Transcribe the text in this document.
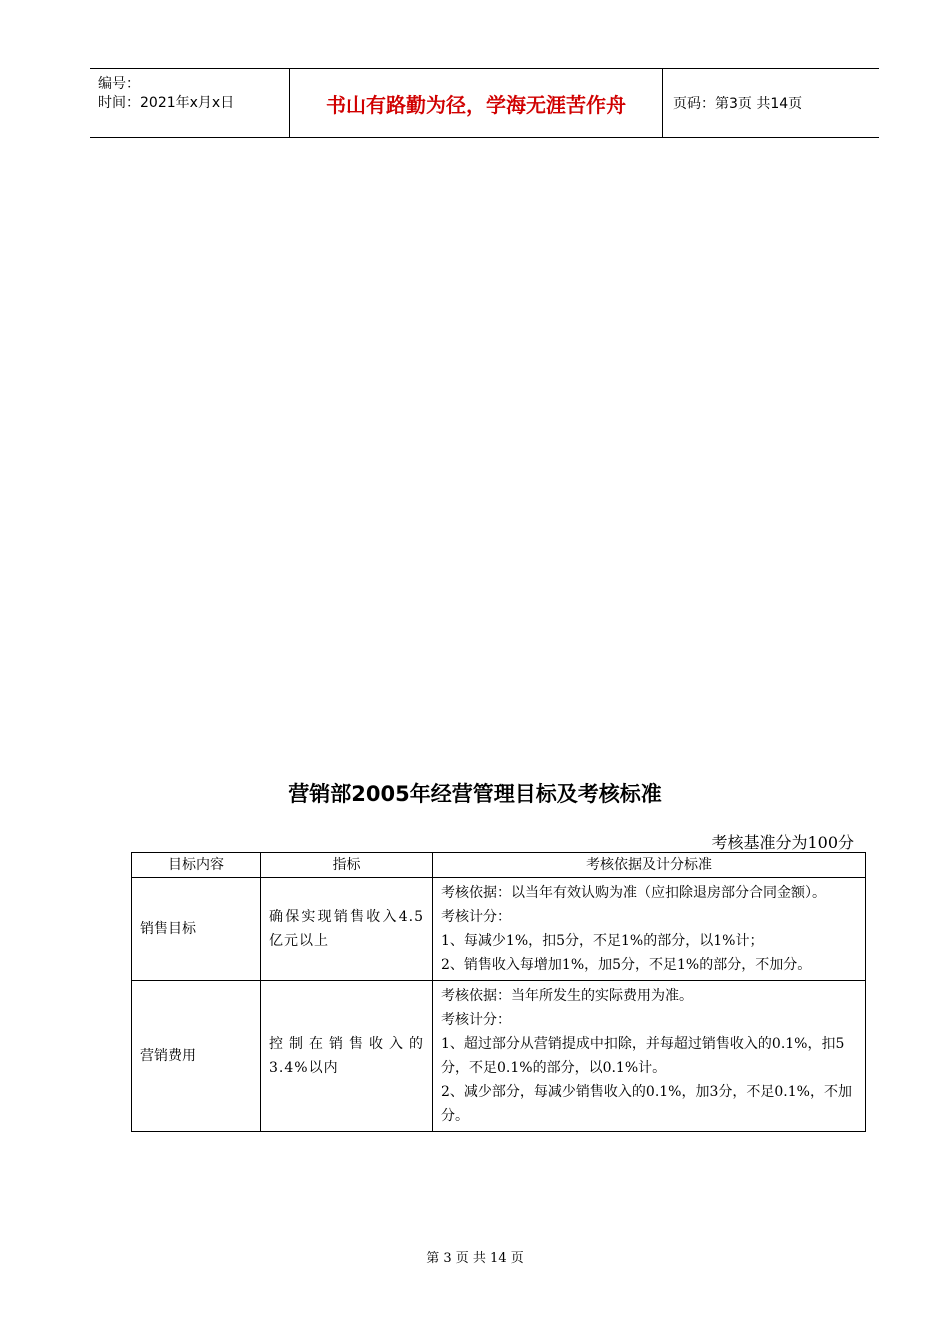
编号：
时间：2021年x月x日	书山有路勤为径，学海无涯苦作舟	页码：第3页 共14页
营销部2005年经营管理目标及考核标准
考核基准分为100分
目标内容	指标	考核依据及计分标准
销售目标	确保实现销售收入4.5亿元以上	考核依据：以当年有效认购为准（应扣除退房部分合同金额）。

考核计分：

1、每减少1%，扣5分，不足1%的部分，以1%计；

2、销售收入每增加1%，加5分，不足1%的部分，不加分。

营销费用	控制在销售收入的3.4%以内	考核依据：当年所发生的实际费用为准。

考核计分：

1、超过部分从营销提成中扣除，并每超过销售收入的0.1%，扣5分，不足0.1%的部分，以0.1%计。

2、减少部分，每减少销售收入的0.1%，加3分，不足0.1%，不加分。

第 3 页 共 14 页
